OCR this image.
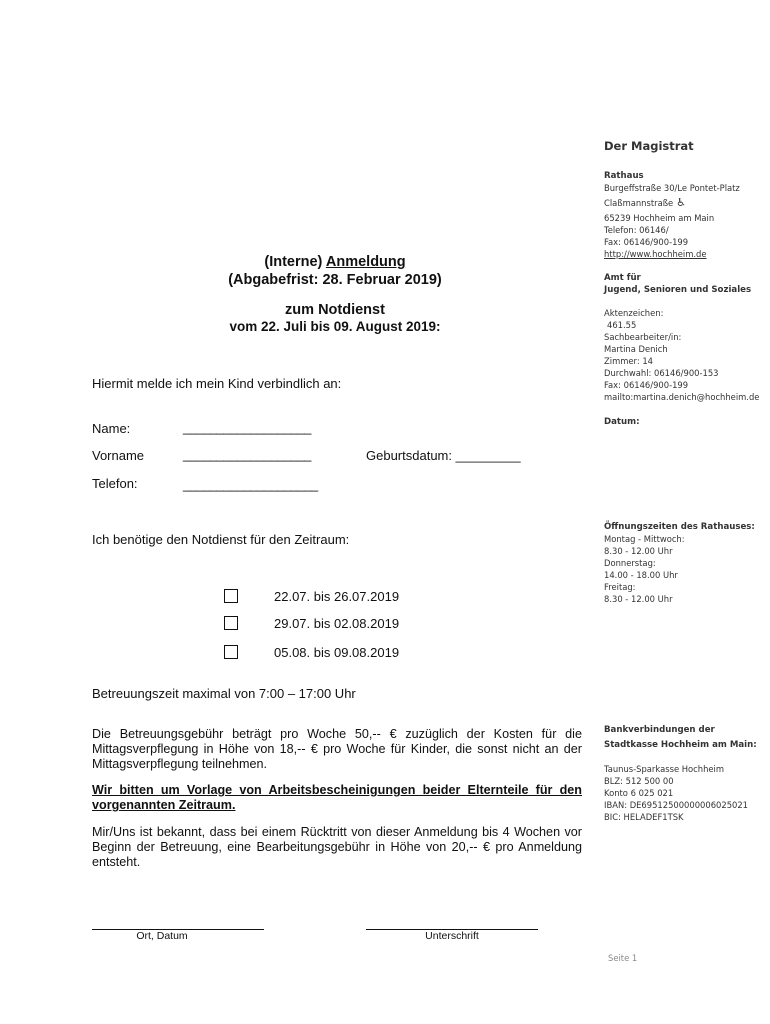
Der Magistrat
Rathaus
Burgeffstraße 30/Le Pontet-Platz
Claßmannstraße ♿
65239 Hochheim am Main
Telefon: 06146/
Fax: 06146/900-199
http://www.hochheim.de
Amt für
Jugend, Senioren und Soziales
Aktenzeichen:
461.55
Sachbearbeiter/in:
Martina Denich
Zimmer: 14
Durchwahl: 06146/900-153
Fax: 06146/900-199
mailto:martina.denich@hochheim.de
Datum:
Öffnungszeiten des Rathauses:
Montag - Mittwoch:
8.30 - 12.00 Uhr
Donnerstag:
14.00 - 18.00 Uhr
Freitag:
8.30 - 12.00 Uhr
Bankverbindungen der
Stadtkasse Hochheim am Main:
Taunus-Sparkasse Hochheim
BLZ: 512 500 00
Konto 6 025 021
IBAN: DE69512500000006025021
BIC: HELADEF1TSK
Seite 1
(Interne) Anmeldung
(Abgabefrist: 28. Februar 2019)
zum Notdienst
vom 22. Juli bis 09. August 2019:
Hiermit melde ich mein Kind verbindlich an:
Name:	___________________
Vorname	___________________	Geburtsdatum: _________
Telefon:	____________________
Ich benötige den Notdienst für den Zeitraum:
22.07. bis 26.07.2019
29.07. bis 02.08.2019
05.08. bis 09.08.2019
Betreuungszeit maximal von 7:00 – 17:00 Uhr
Die Betreuungsgebühr beträgt pro Woche 50,-- € zuzüglich der Kosten für die Mittagsverpflegung in Höhe von 18,-- € pro Woche für Kinder, die sonst nicht an der Mittagsverpflegung teilnehmen.
Wir bitten um Vorlage von Arbeitsbescheinigungen beider Elternteile für den vorgenannten Zeitraum.
Mir/Uns ist bekannt, dass bei einem Rücktritt von dieser Anmeldung bis 4 Wochen vor Beginn der Betreuung, eine Bearbeitungsgebühr in Höhe von 20,-- € pro Anmeldung entsteht.
Ort, Datum	Unterschrift
